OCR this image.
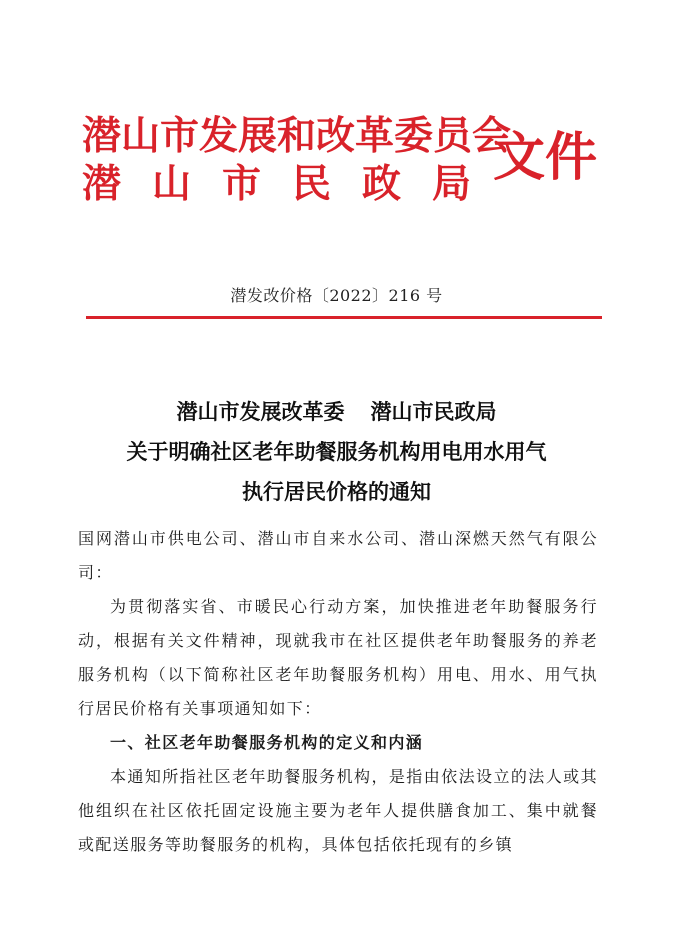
潜山市发展和改革委员会
潜山市民政局
文件
潜发改价格〔2022〕216 号
潜山市发展改革委 潜山市民政局
关于明确社区老年助餐服务机构用电用水用气
执行居民价格的通知
国网潜山市供电公司、潜山市自来水公司、潜山深燃天然气有限公司：
为贯彻落实省、市暖民心行动方案，加快推进老年助餐服务行动，根据有关文件精神，现就我市在社区提供老年助餐服务的养老服务机构（以下简称社区老年助餐服务机构）用电、用水、用气执行居民价格有关事项通知如下：
一、社区老年助餐服务机构的定义和内涵
本通知所指社区老年助餐服务机构，是指由依法设立的法人或其他组织在社区依托固定设施主要为老年人提供膳食加工、集中就餐或配送服务等助餐服务的机构，具体包括依托现有的乡镇
